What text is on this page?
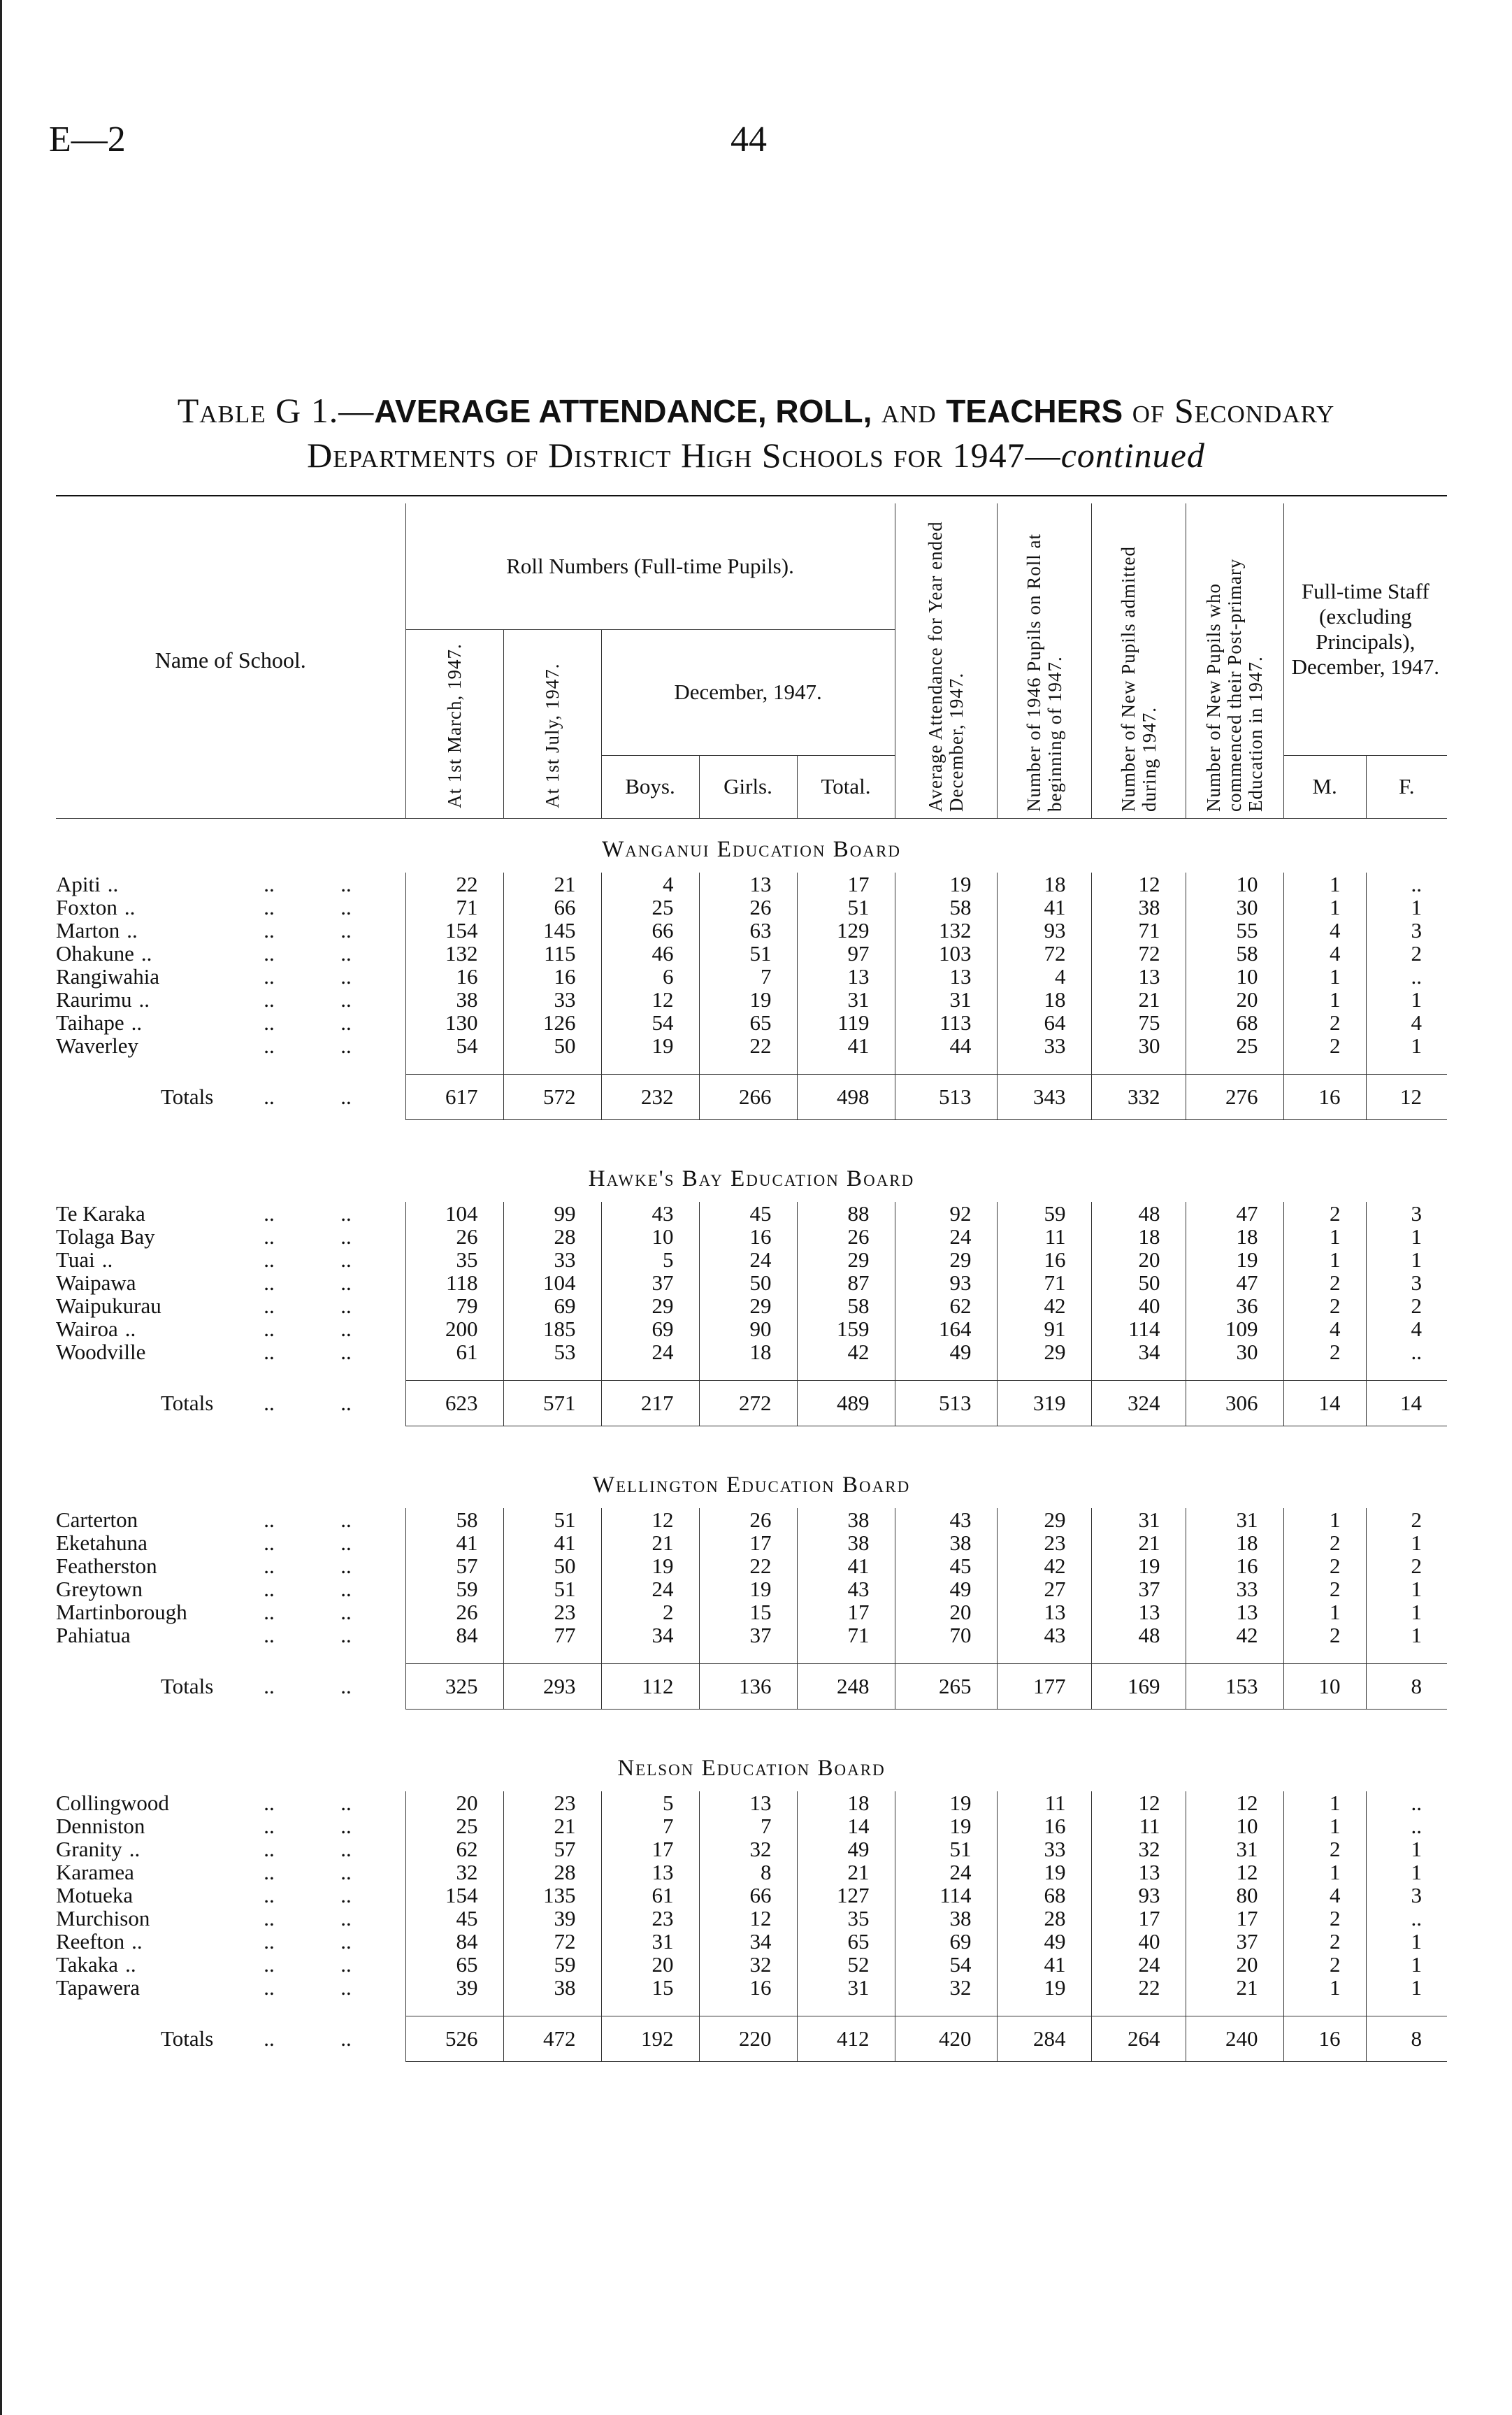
E—2	44
Table G 1.—AVERAGE ATTENDANCE, ROLL, and TEACHERS of Secondary
Departments of District High Schools for 1947—continued
Name of School.	Roll Numbers (Full-time Pupils).					Average Attendance for Year ended December, 1947.	Number of 1946 Pupils on Roll at beginning of 1947.	Number of New Pupils admitted during 1947.	Number of New Pupils who commenced their Post-primary Education in 1947.	Full-time Staff (excluding Principals), December, 1947.	
	At 1st March, 1947.	At 1st July, 1947.	December, 1947.								
			Boys.	Girls.	Total.					M.	F.
Wanganui Education Board											
Apiti .. .. ..	22	21	4	13	17	19	18	12	10	1	..
Foxton .. .. ..	71	66	25	26	51	58	41	38	30	1	1
Marton .. .. ..	154	145	66	63	129	132	93	71	55	4	3
Ohakune .. .. ..	132	115	46	51	97	103	72	72	58	4	2
Rangiwahia .. ..	16	16	6	7	13	13	4	13	10	1	..
Raurimu .. .. ..	38	33	12	19	31	31	18	21	20	1	1
Taihape .. .. ..	130	126	54	65	119	113	64	75	68	2	4
Waverley .. ..	54	50	19	22	41	44	33	30	25	2	1

Totals .. ..	617	572	232	266	498	513	343	332	276	16	12

Hawke's Bay Education Board											
Te Karaka .. ..	104	99	43	45	88	92	59	48	47	2	3
Tolaga Bay .. ..	26	28	10	16	26	24	11	18	18	1	1
Tuai .. .. ..	35	33	5	24	29	29	16	20	19	1	1
Waipawa .. ..	118	104	37	50	87	93	71	50	47	2	3
Waipukurau .. ..	79	69	29	29	58	62	42	40	36	2	2
Wairoa .. .. ..	200	185	69	90	159	164	91	114	109	4	4
Woodville .. ..	61	53	24	18	42	49	29	34	30	2	..

Totals .. ..	623	571	217	272	489	513	319	324	306	14	14

Wellington Education Board											
Carterton .. ..	58	51	12	26	38	43	29	31	31	1	2
Eketahuna .. ..	41	41	21	17	38	38	23	21	18	2	1
Featherston .. ..	57	50	19	22	41	45	42	19	16	2	2
Greytown .. ..	59	51	24	19	43	49	27	37	33	2	1
Martinborough .. ..	26	23	2	15	17	20	13	13	13	1	1
Pahiatua .. ..	84	77	34	37	71	70	43	48	42	2	1

Totals .. ..	325	293	112	136	248	265	177	169	153	10	8

Nelson Education Board											
Collingwood .. ..	20	23	5	13	18	19	11	12	12	1	..
Denniston .. ..	25	21	7	7	14	19	16	11	10	1	..
Granity .. .. ..	62	57	17	32	49	51	33	32	31	2	1
Karamea .. ..	32	28	13	8	21	24	19	13	12	1	1
Motueka .. ..	154	135	61	66	127	114	68	93	80	4	3
Murchison .. ..	45	39	23	12	35	38	28	17	17	2	..
Reefton .. .. ..	84	72	31	34	65	69	49	40	37	2	1
Takaka .. .. ..	65	59	20	32	52	54	41	24	20	2	1
Tapawera .. ..	39	38	15	16	31	32	19	22	21	1	1

Totals .. ..	526	472	192	220	412	420	284	264	240	16	8
